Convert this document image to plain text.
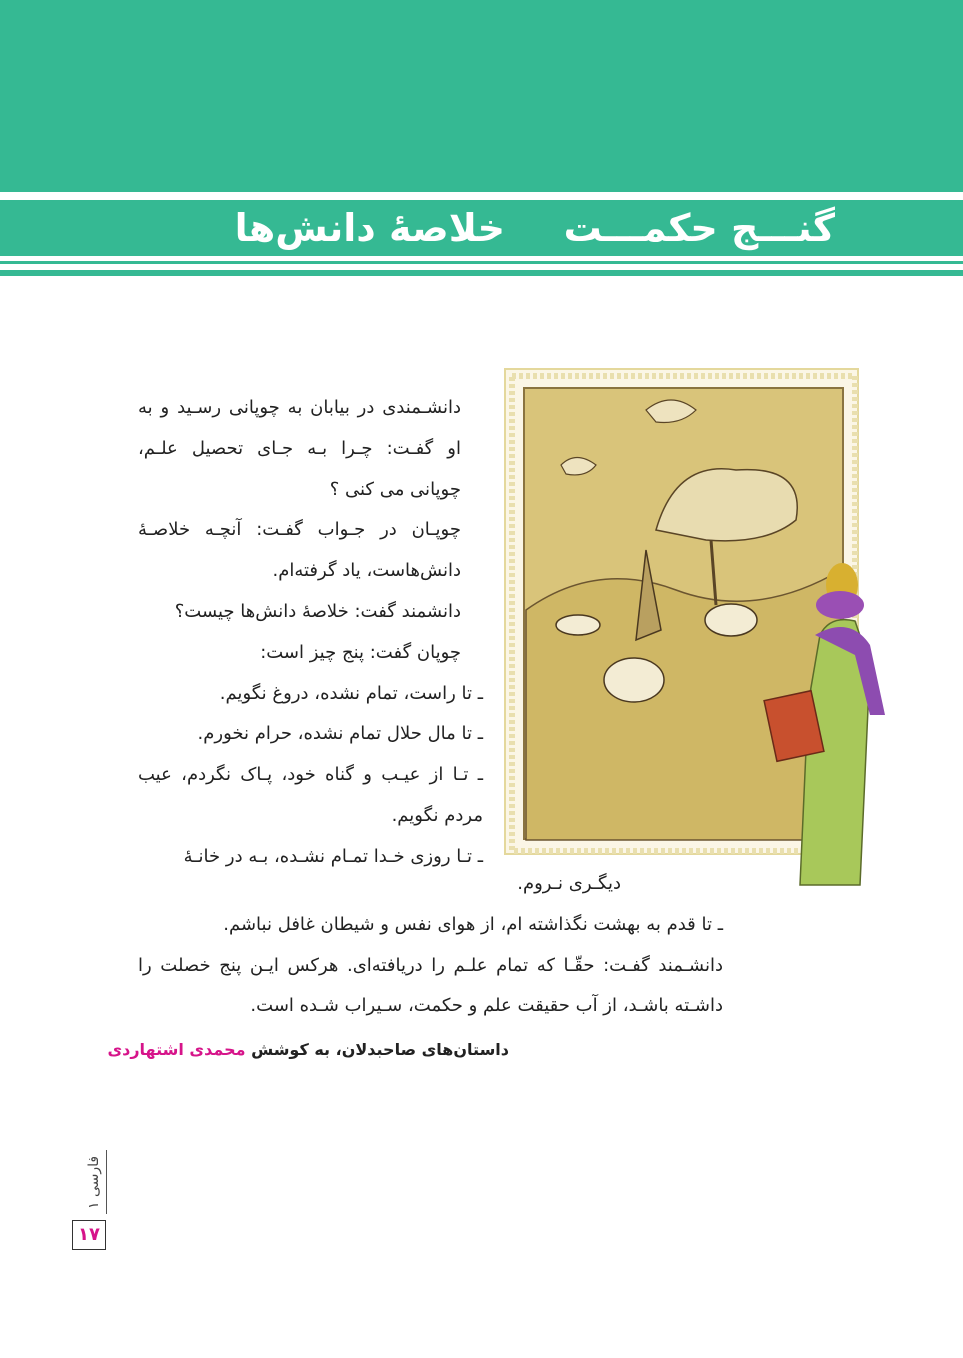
گنـــج حکمـــت
خلاصهٔ دانش‌ها

دانشـمندی در بیابان به چوپانی رسـید و به او گفـت: چـرا بـه جـای تحصیل علـم، چوپانی می کنی ؟

چوپـان در جـواب گفـت: آنچـه خلاصـهٔ دانش‌هاست، یاد گرفته‌ام.

دانشمند گفت: خلاصهٔ دانش‌ها چیست؟

چوپان گفت: پنج چیز است:

ـ تا راست، تمام نشده، دروغ نگویم.

ـ تا مال حلال تمام نشده، حرام نخورم.

ـ تـا از عیـب و گناه خود، پـاک نگردم، عیب مردم نگویم.

ـ تـا روزی خـدا تمـام نشـده، بـه در خانـهٔ

دیگـری نـروم.

ـ تا قدم به بهشت نگذاشته ام، از هوای نفس و شیطان غافل نباشم.

دانشـمند گفـت: حقّـا که تمام علـم را دریافته‌ای. هرکس ایـن پنج خصلت را داشـته باشـد، از آب حقیقت علم و حکمت، سـیراب شـده است.

داستان‌های صاحبدلان، به کوشش محمدی اشتهاردی
فارسی ۱
۱۷
